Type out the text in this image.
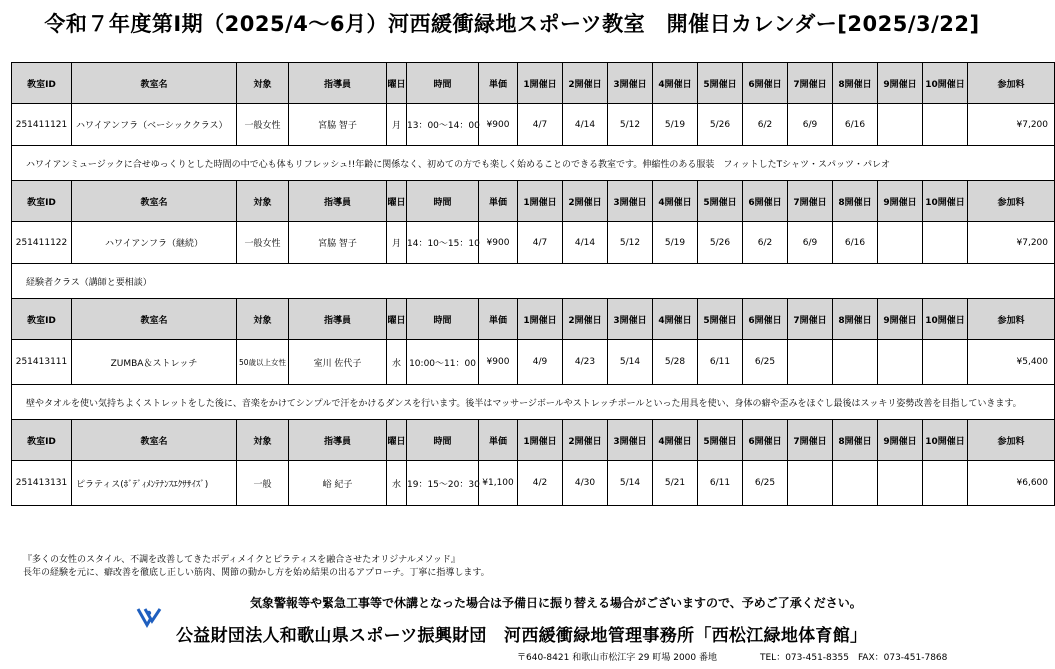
令和７年度第Ⅰ期（2025/4～6月）河西緩衝緑地スポーツ教室　開催日カレンダー[2025/3/22]
教室ID	教室名	対象	指導員	曜日	時間	単価	1開催日	2開催日	3開催日	4開催日	5開催日	6開催日	7開催日	8開催日	9開催日	10開催日	参加料
251411121	ハワイアンフラ（ベーシッククラス）	一般女性	宮脇 智子	月	13：00～14：00	¥900	4/7	4/14	5/12	5/19	5/26	6/2	6/9	6/16			¥7,200
ハワイアンミュージックに合せゆっくりとした時間の中で心も体もリフレッシュ!!年齢に関係なく、初めての方でも楽しく始めることのできる教室です。伸縮性のある服装　フィットしたTシャツ・スパッツ・パレオ																	
教室ID	教室名	対象	指導員	曜日	時間	単価	1開催日	2開催日	3開催日	4開催日	5開催日	6開催日	7開催日	8開催日	9開催日	10開催日	参加料
251411122	ハワイアンフラ（継続）	一般女性	宮脇 智子	月	14：10～15：10	¥900	4/7	4/14	5/12	5/19	5/26	6/2	6/9	6/16			¥7,200
経験者クラス（講師と要相談）																	
教室ID	教室名	対象	指導員	曜日	時間	単価	1開催日	2開催日	3開催日	4開催日	5開催日	6開催日	7開催日	8開催日	9開催日	10開催日	参加料
251413111	ZUMBA＆ストレッチ	50歳以上女性	室川 佐代子	水	10:00～11：00	¥900	4/9	4/23	5/14	5/28	6/11	6/25					¥5,400
壁やタオルを使い気持ちよくストレットをした後に、音楽をかけてシンプルで汗をかけるダンスを行います。後半はマッサージボールやストレッチポールといった用具を使い、身体の癖や歪みをほぐし最後はスッキリ姿勢改善を目指していきます。																	
教室ID	教室名	対象	指導員	曜日	時間	単価	1開催日	2開催日	3開催日	4開催日	5開催日	6開催日	7開催日	8開催日	9開催日	10開催日	参加料
251413131	ピラティス(ﾎﾞﾃﾞｨﾒﾝﾃﾅﾝｽｴｸｻｻｲｽﾞ)	一般	峪 紀子	水	19：15～20：30	¥1,100	4/2	4/30	5/14	5/21	6/11	6/25					¥6,600
『多くの女性のスタイル、不調を改善してきたボディメイクとピラティスを融合させたオリジナルメソッド』
長年の経験を元に、癖改善を徹底し正しい筋肉、関節の動かし方を始め結果の出るアプローチ。丁寧に指導します。
気象警報等や緊急工事等で休講となった場合は予備日に振り替える場合がございますので、予めご了承ください。
公益財団法人和歌山県スポーツ振興財団　河西緩衝緑地管理事務所「西松江緑地体育館」
〒640-8421 和歌山市松江字 29 町場 2000 番地	TEL：073-451-8355　FAX：073-451-7868
